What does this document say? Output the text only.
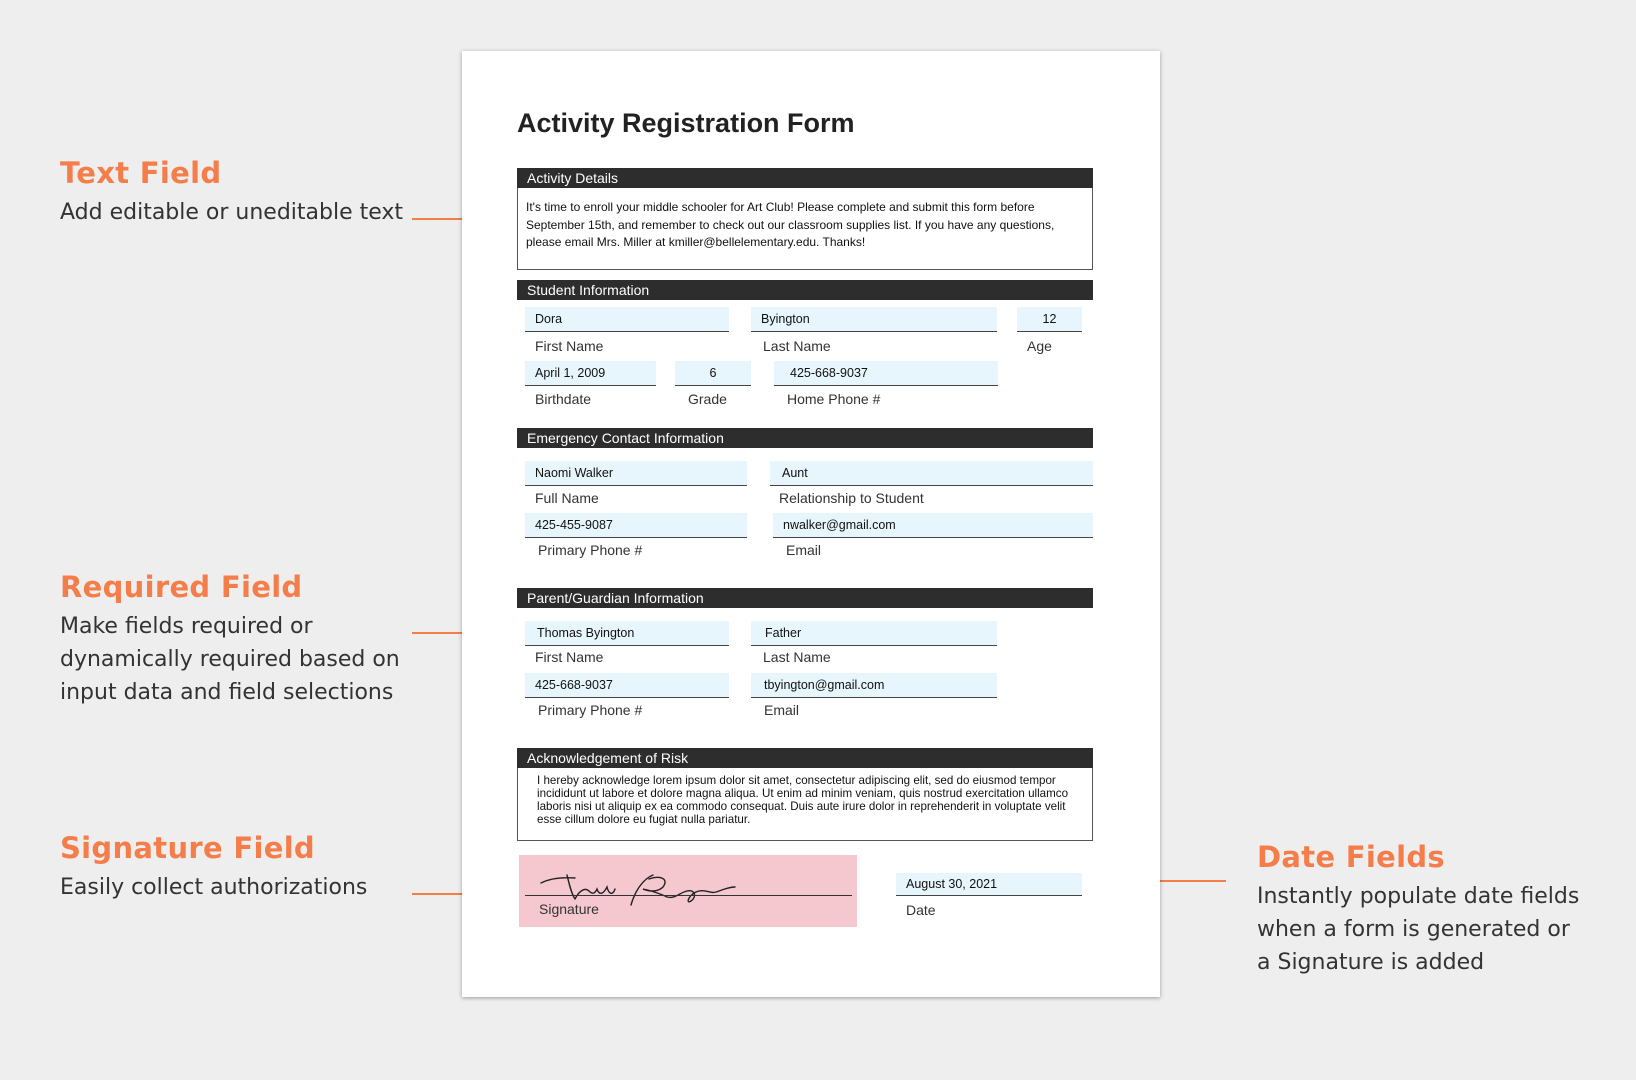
Text Field
Add editable or uneditable text
Required Field
Make fields required or
dynamically required based on
input data and field selections
Signature Field
Easily collect authorizations
Date Fields
Instantly populate date fields
when a form is generated or
a Signature is added
Activity Registration Form
Activity Details
It's time to enroll your middle schooler for Art Club! Please complete and submit this form before September 15th, and remember to check out our classroom supplies list. If you have any questions, please email Mrs. Miller at kmiller@bellelementary.edu. Thanks!
Student Information
Dora
First Name
Byington
Last Name
12
Age
April 1, 2009
Birthdate
6
Grade
425-668-9037
Home Phone #
Emergency Contact Information
Naomi Walker
Full Name
Aunt
Relationship to Student
425-455-9087
Primary Phone #
nwalker@gmail.com
Email
Parent/Guardian Information
Thomas Byington
First Name
Father
Last Name
425-668-9037
Primary Phone #
tbyington@gmail.com
Email
Acknowledgement of Risk
I hereby acknowledge lorem ipsum dolor sit amet, consectetur adipiscing elit, sed do eiusmod tempor incididunt ut labore et dolore magna aliqua. Ut enim ad minim veniam, quis nostrud exercitation ullamco laboris nisi ut aliquip ex ea commodo consequat. Duis aute irure dolor in reprehenderit in voluptate velit esse cillum dolore eu fugiat nulla pariatur.
Signature
August 30, 2021
Date
